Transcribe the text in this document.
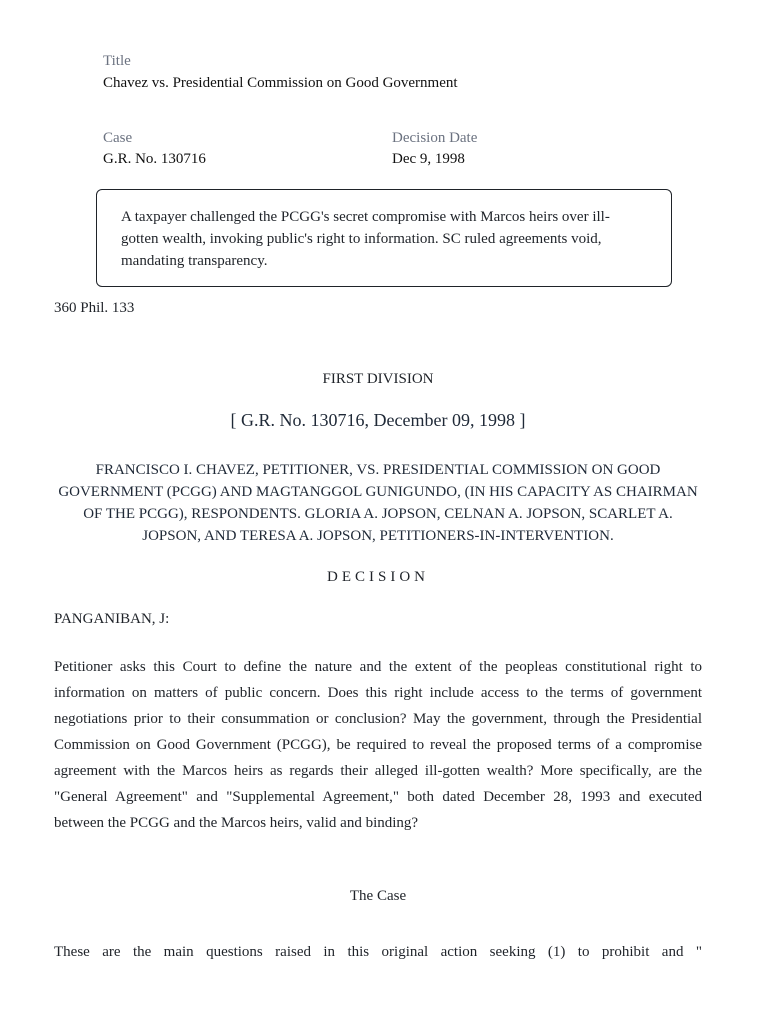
Title
Chavez vs. Presidential Commission on Good Government
Case
G.R. No. 130716
Decision Date
Dec 9, 1998

A taxpayer challenged the PCGG's secret compromise with Marcos heirs over ill-gotten wealth, invoking public's right to information. SC ruled agreements void, mandating transparency.

360 Phil. 133
FIRST DIVISION
[ G.R. No. 130716, December 09, 1998 ]

FRANCISCO I. CHAVEZ, PETITIONER, VS. PRESIDENTIAL COMMISSION ON GOOD GOVERNMENT (PCGG) AND MAGTANGGOL GUNIGUNDO, (IN HIS CAPACITY AS CHAIRMAN OF THE PCGG), RESPONDENTS. GLORIA A. JOPSON, CELNAN A. JOPSON, SCARLET A. JOPSON, AND TERESA A. JOPSON, PETITIONERS-IN-INTERVENTION.

DECISION
PANGANIBAN, J:

Petitioner asks this Court to define the nature and the extent of the peopleas constitutional right to information on matters of public concern. Does this right include access to the terms of government negotiations prior to their consummation or conclusion? May the government, through the Presidential Commission on Good Government (PCGG), be required to reveal the proposed terms of a compromise agreement with the Marcos heirs as regards their alleged ill-gotten wealth? More specifically, are the "General Agreement" and "Supplemental Agreement," both dated December 28, 1993 and executed between the PCGG and the Marcos heirs, valid and binding?

The Case

These are the main questions raised in this original action seeking (1) to prohibit and "
